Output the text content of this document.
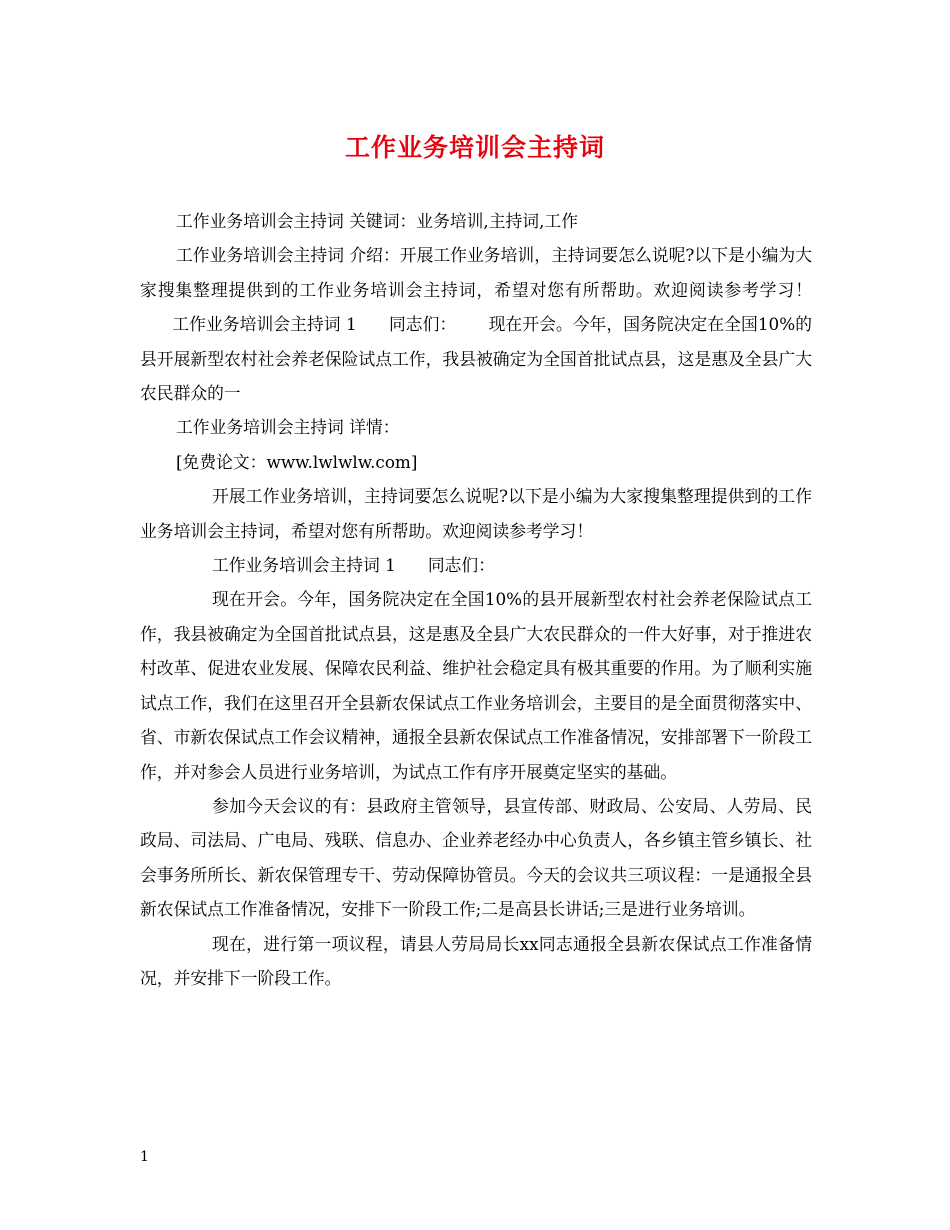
工作业务培训会主持词

工作业务培训会主持词 关键词：业务培训,主持词,工作

工作业务培训会主持词 介绍：开展工作业务培训，主持词要怎么说呢?以下是小编为大家搜集整理提供到的工作业务培训会主持词，希望对您有所帮助。欢迎阅读参考学习！      工作业务培训会主持词 1 同志们： 现在开会。今年，国务院决定在全国10%的县开展新型农村社会养老保险试点工作，我县被确定为全国首批试点县，这是惠及全县广大农民群众的一

工作业务培训会主持词 详情：

[免费论文：www.lwlwlw.com]

开展工作业务培训，主持词要怎么说呢?以下是小编为大家搜集整理提供到的工作业务培训会主持词，希望对您有所帮助。欢迎阅读参考学习！

工作业务培训会主持词 1 同志们：

现在开会。今年，国务院决定在全国10%的县开展新型农村社会养老保险试点工作，我县被确定为全国首批试点县，这是惠及全县广大农民群众的一件大好事，对于推进农村改革、促进农业发展、保障农民利益、维护社会稳定具有极其重要的作用。为了顺利实施试点工作，我们在这里召开全县新农保试点工作业务培训会，主要目的是全面贯彻落实中、省、市新农保试点工作会议精神，通报全县新农保试点工作准备情况，安排部署下一阶段工作，并对参会人员进行业务培训，为试点工作有序开展奠定坚实的基础。

参加今天会议的有：县政府主管领导，县宣传部、财政局、公安局、人劳局、民政局、司法局、广电局、残联、信息办、企业养老经办中心负责人，各乡镇主管乡镇长、社会事务所所长、新农保管理专干、劳动保障协管员。今天的会议共三项议程：一是通报全县新农保试点工作准备情况，安排下一阶段工作;二是高县长讲话;三是进行业务培训。

现在，进行第一项议程，请县人劳局局长xx同志通报全县新农保试点工作准备情况，并安排下一阶段工作。

1
